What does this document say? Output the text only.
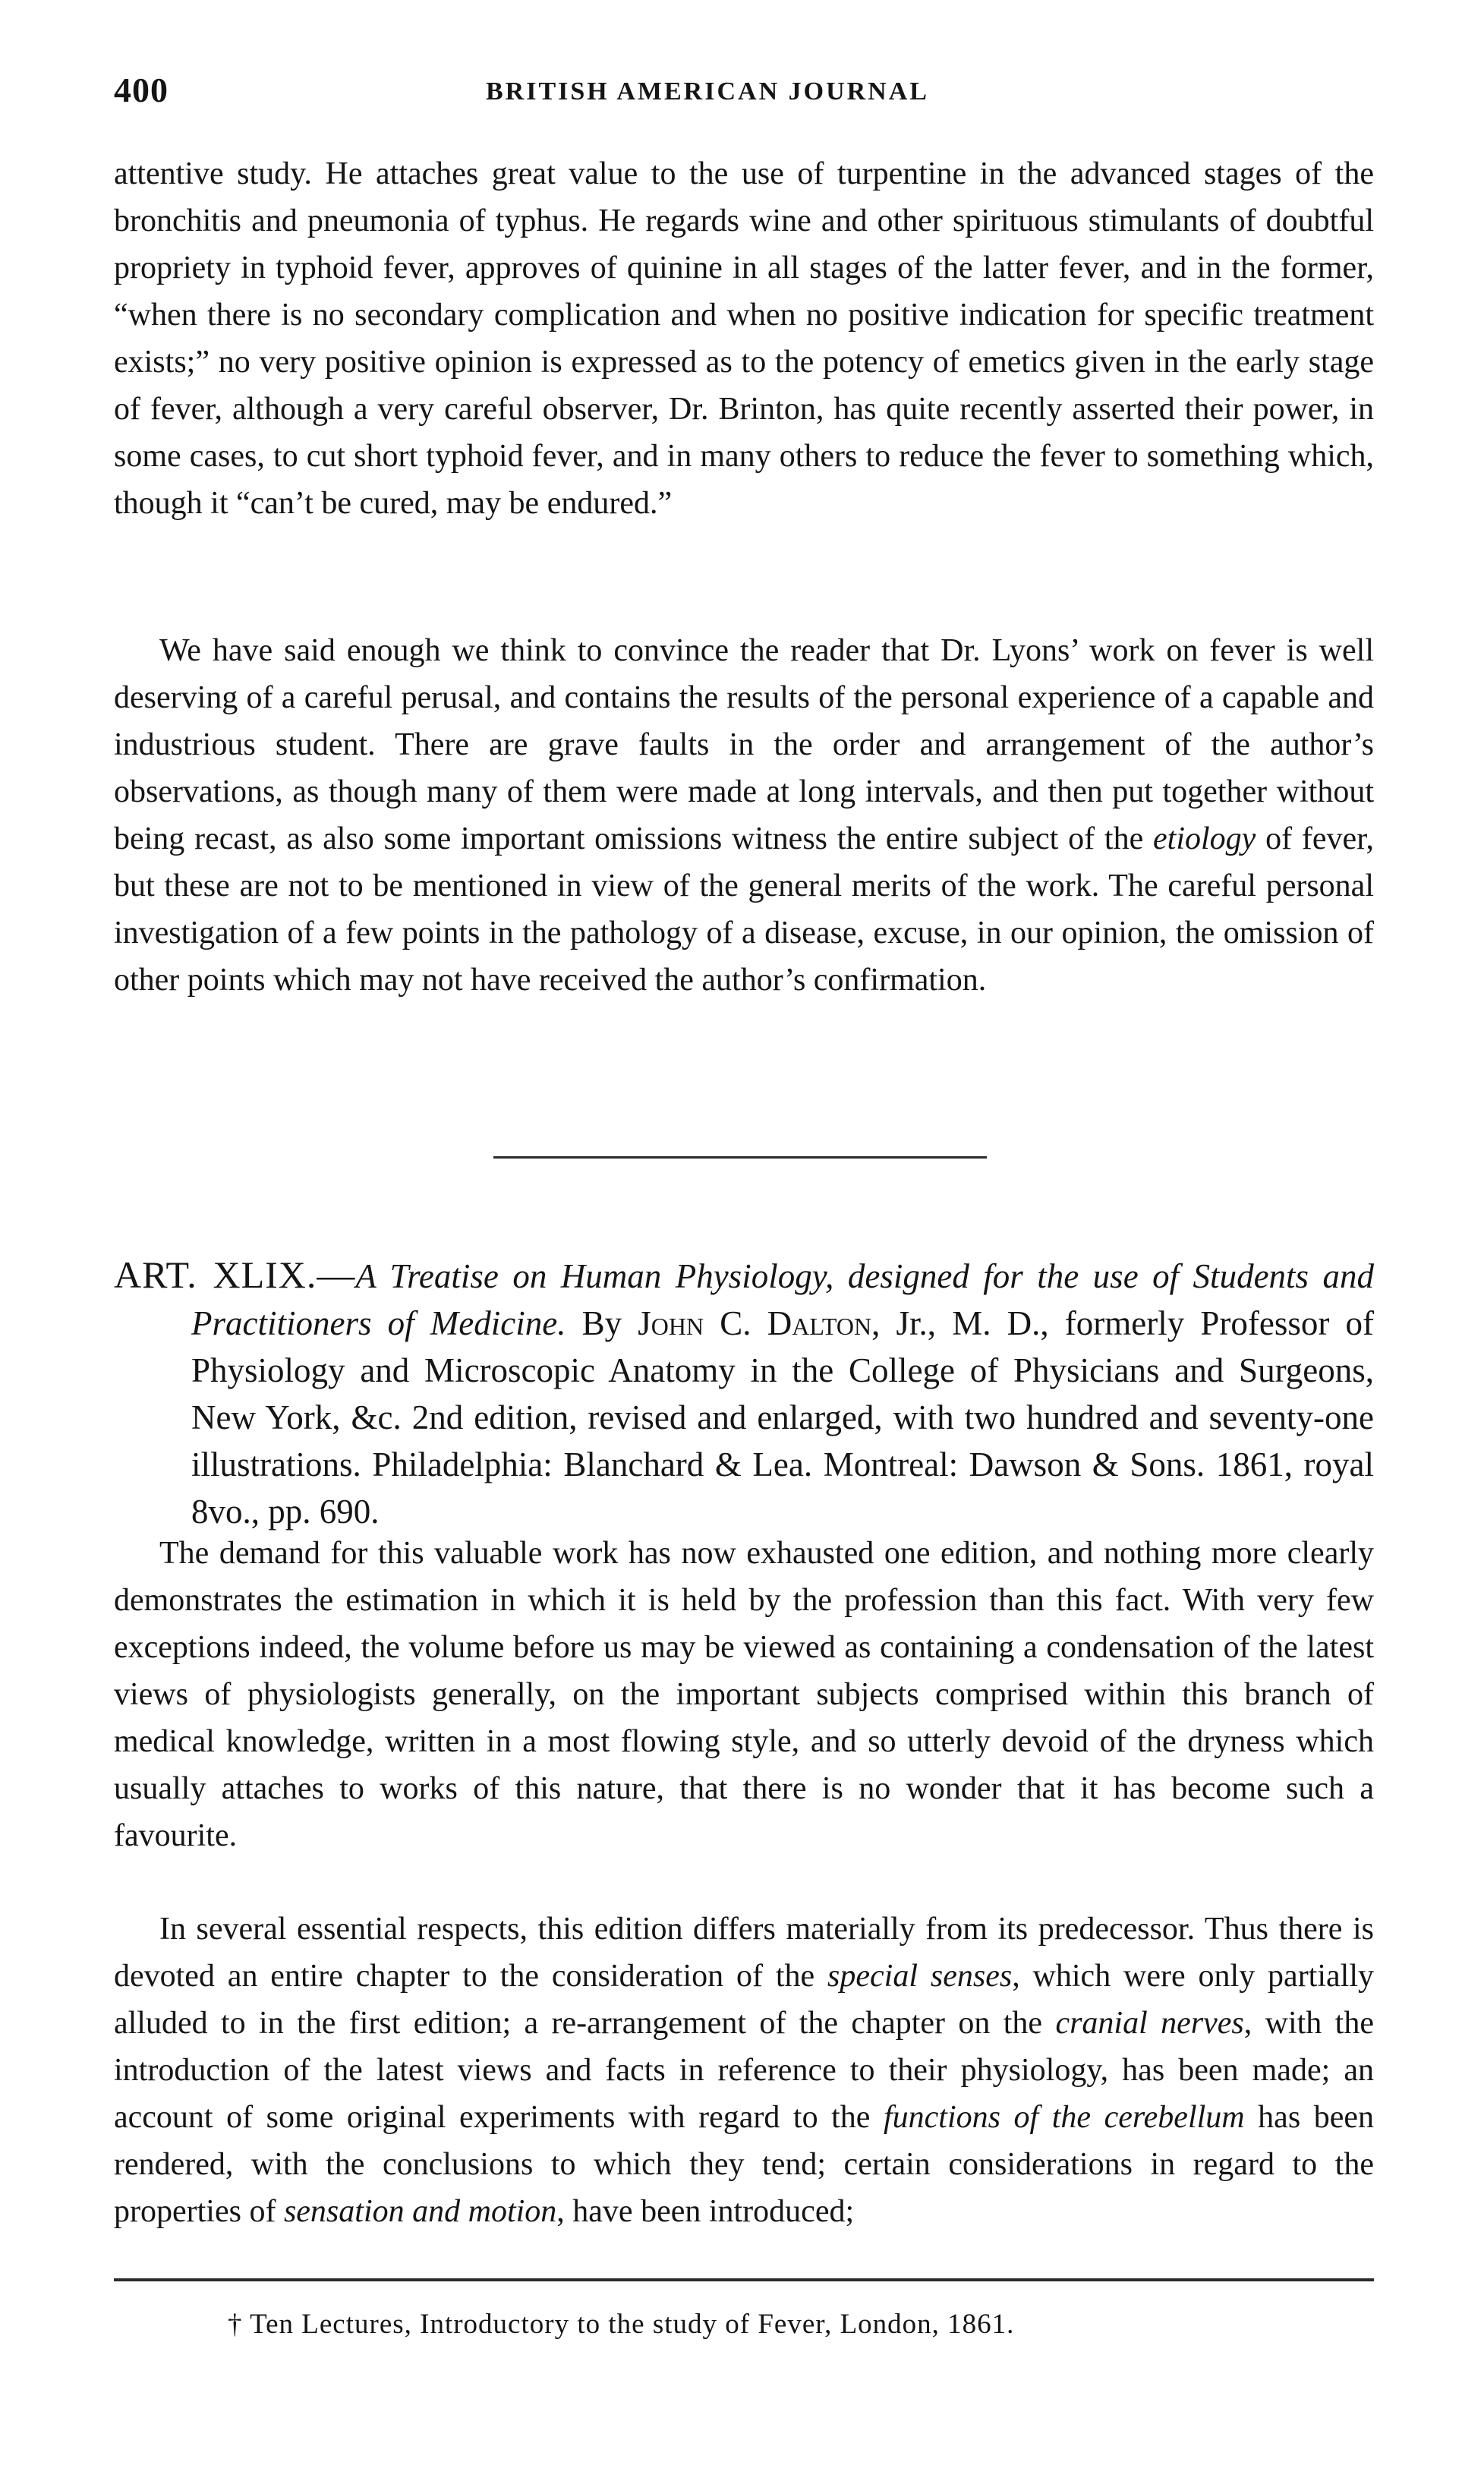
400	BRITISH AMERICAN JOURNAL

attentive study. He attaches great value to the use of turpentine in the advanced stages of the bronchitis and pneumonia of typhus. He regards wine and other spirituous stimulants of doubtful propriety in typhoid fever, approves of quinine in all stages of the latter fever, and in the former, “when there is no secondary complication and when no positive indication for specific treatment exists;” no very positive opinion is expressed as to the potency of emetics given in the early stage of fever, although a very careful observer, Dr. Brinton, has quite recently asserted their power, in some cases, to cut short typhoid fever, and in many others to reduce the fever to something which, though it “can’t be cured, may be endured.”

We have said enough we think to convince the reader that Dr. Lyons’ work on fever is well deserving of a careful perusal, and contains the results of the personal experience of a capable and industrious student. There are grave faults in the order and arrangement of the author’s observations, as though many of them were made at long intervals, and then put together without being recast, as also some important omissions witness the entire subject of the etiology of fever, but these are not to be mentioned in view of the general merits of the work. The careful personal investigation of a few points in the pathology of a disease, excuse, in our opinion, the omission of other points which may not have received the author’s confirmation.

ART. XLIX.—A Treatise on Human Physiology, designed for the use of Students and Practitioners of Medicine. By John C. Dalton, Jr., M. D., formerly Professor of Physiology and Microscopic Anatomy in the College of Physicians and Surgeons, New York, &c. 2nd edition, revised and enlarged, with two hundred and seventy-one illustrations. Philadelphia: Blanchard & Lea. Montreal: Dawson & Sons. 1861, royal 8vo., pp. 690.

The demand for this valuable work has now exhausted one edition, and nothing more clearly demonstrates the estimation in which it is held by the profession than this fact. With very few exceptions indeed, the volume before us may be viewed as containing a condensation of the latest views of physiologists generally, on the important subjects comprised within this branch of medical knowledge, written in a most flowing style, and so utterly devoid of the dryness which usually attaches to works of this nature, that there is no wonder that it has become such a favourite.

In several essential respects, this edition differs materially from its predecessor. Thus there is devoted an entire chapter to the consideration of the special senses, which were only partially alluded to in the first edition; a re-arrangement of the chapter on the cranial nerves, with the introduction of the latest views and facts in reference to their physiology, has been made; an account of some original experiments with regard to the functions of the cerebellum has been rendered, with the conclusions to which they tend; certain considerations in regard to the properties of sensation and motion, have been introduced;

† Ten Lectures, Introductory to the study of Fever, London, 1861.
